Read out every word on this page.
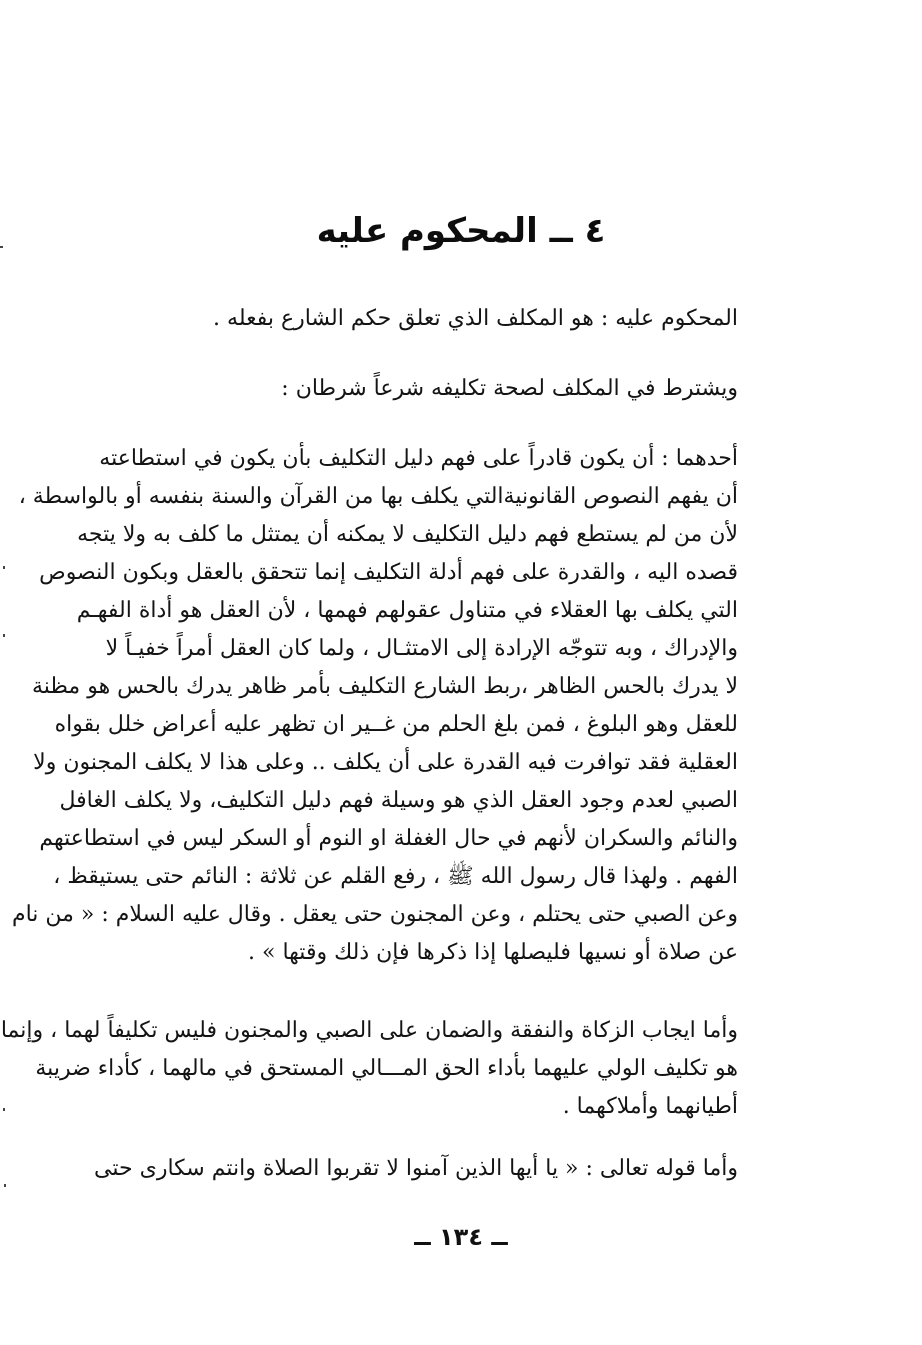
٤ ــ المحكوم عليه
المحكوم عليه : هو المكلف الذي تعلق حكم الشارع بفعله .
ويشترط في المكلف لصحة تكليفه شرعاً شرطان :
أحدهما : أن يكون قادراً على فهم دليل التكليف بأن يكون في استطاعته
أن يفهم النصوص القانونيةالتي يكلف بها من القرآن والسنة بنفسه أو بالواسطة ،
لأن من لم يستطع فهم دليل التكليف لا يمكنه أن يمتثل ما كلف به ولا يتجه
قصده اليه ، والقدرة على فهم أدلة التكليف إنما تتحقق بالعقل وبكون النصوص
التي يكلف بها العقلاء في متناول عقولهم فهمها ، لأن العقل هو أداة الفهـم
والإدراك ، وبه تتوجّه الإرادة إلى الامتثـال ، ولما كان العقل أمراً خفيـاً لا
لا يدرك بالحس الظاهر ،ربط الشارع التكليف بأمر ظاهر يدرك بالحس هو مظنة
للعقل وهو البلوغ ، فمن بلغ الحلم من غــير ان تظهر عليه أعراض خلل بقواه
العقلية فقد توافرت فيه القدرة على أن يكلف .. وعلى هذا لا يكلف المجنون ولا
الصبي لعدم وجود العقل الذي هو وسيلة فهم دليل التكليف، ولا يكلف الغافل
والنائم والسكران لأنهم في حال الغفلة او النوم أو السكر ليس في استطاعتهم
الفهم . ولهذا قال رسول الله ﷺ ، رفع القلم عن ثلاثة : النائم حتى يستيقظ ،
وعن الصبي حتى يحتلم ، وعن المجنون حتى يعقل . وقال عليه السلام : « من نام
عن صلاة أو نسيها فليصلها إذا ذكرها فإن ذلك وقتها » .
وأما ايجاب الزكاة والنفقة والضمان على الصبي والمجنون فليس تكليفاً لهما ، وإنما
هو تكليف الولي عليهما بأداء الحق المـــالي المستحق في مالهما ، كأداء ضريبة
أطيانهما وأملاكهما .
وأما قوله تعالى : « يا أيها الذين آمنوا لا تقربوا الصلاة وانتم سكارى حتى
ــ ١٣٤ ــ
